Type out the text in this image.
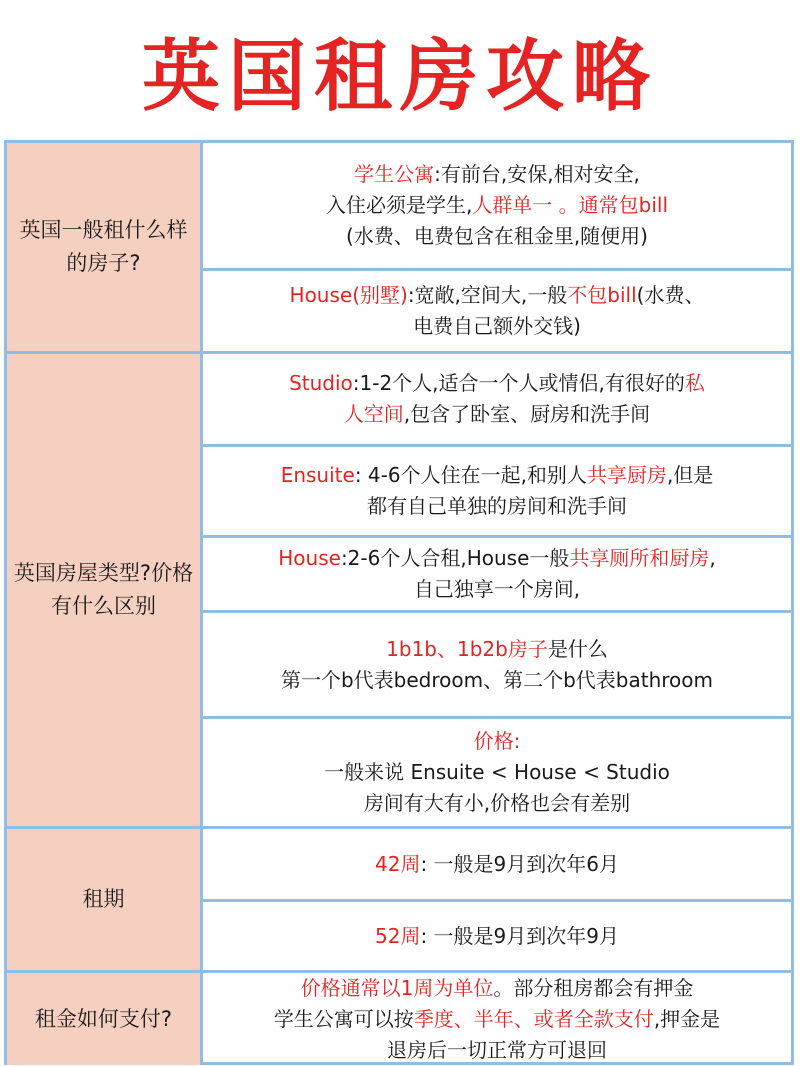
英国租房攻略
英国一般租什么样的房子?
学生公寓:有前台,安保,相对安全,
入住必须是学生,人群单一 。通常包bill
(水费、电费包含在租金里,随便用)
House(别墅):宽敞,空间大,一般不包bill(水费、
电费自己额外交钱)
英国房屋类型?价格有什么区别
Studio:1-2个人,适合一个人或情侣,有很好的私
人空间,包含了卧室、厨房和洗手间
Ensuite: 4-6个人住在一起,和别人共享厨房,但是
都有自己单独的房间和洗手间
House:2-6个人合租,House一般共享厕所和厨房,
自己独享一个房间,
1b1b、1b2b房子是什么
第一个b代表bedroom、第二个b代表bathroom
价格:
一般来说 Ensuite < House < Studio
房间有大有小,价格也会有差别
租期
42周: 一般是9月到次年6月
52周: 一般是9月到次年9月
租金如何支付?
价格通常以1周为单位。部分租房都会有押金
学生公寓可以按季度、半年、或者全款支付,押金是
退房后一切正常方可退回
